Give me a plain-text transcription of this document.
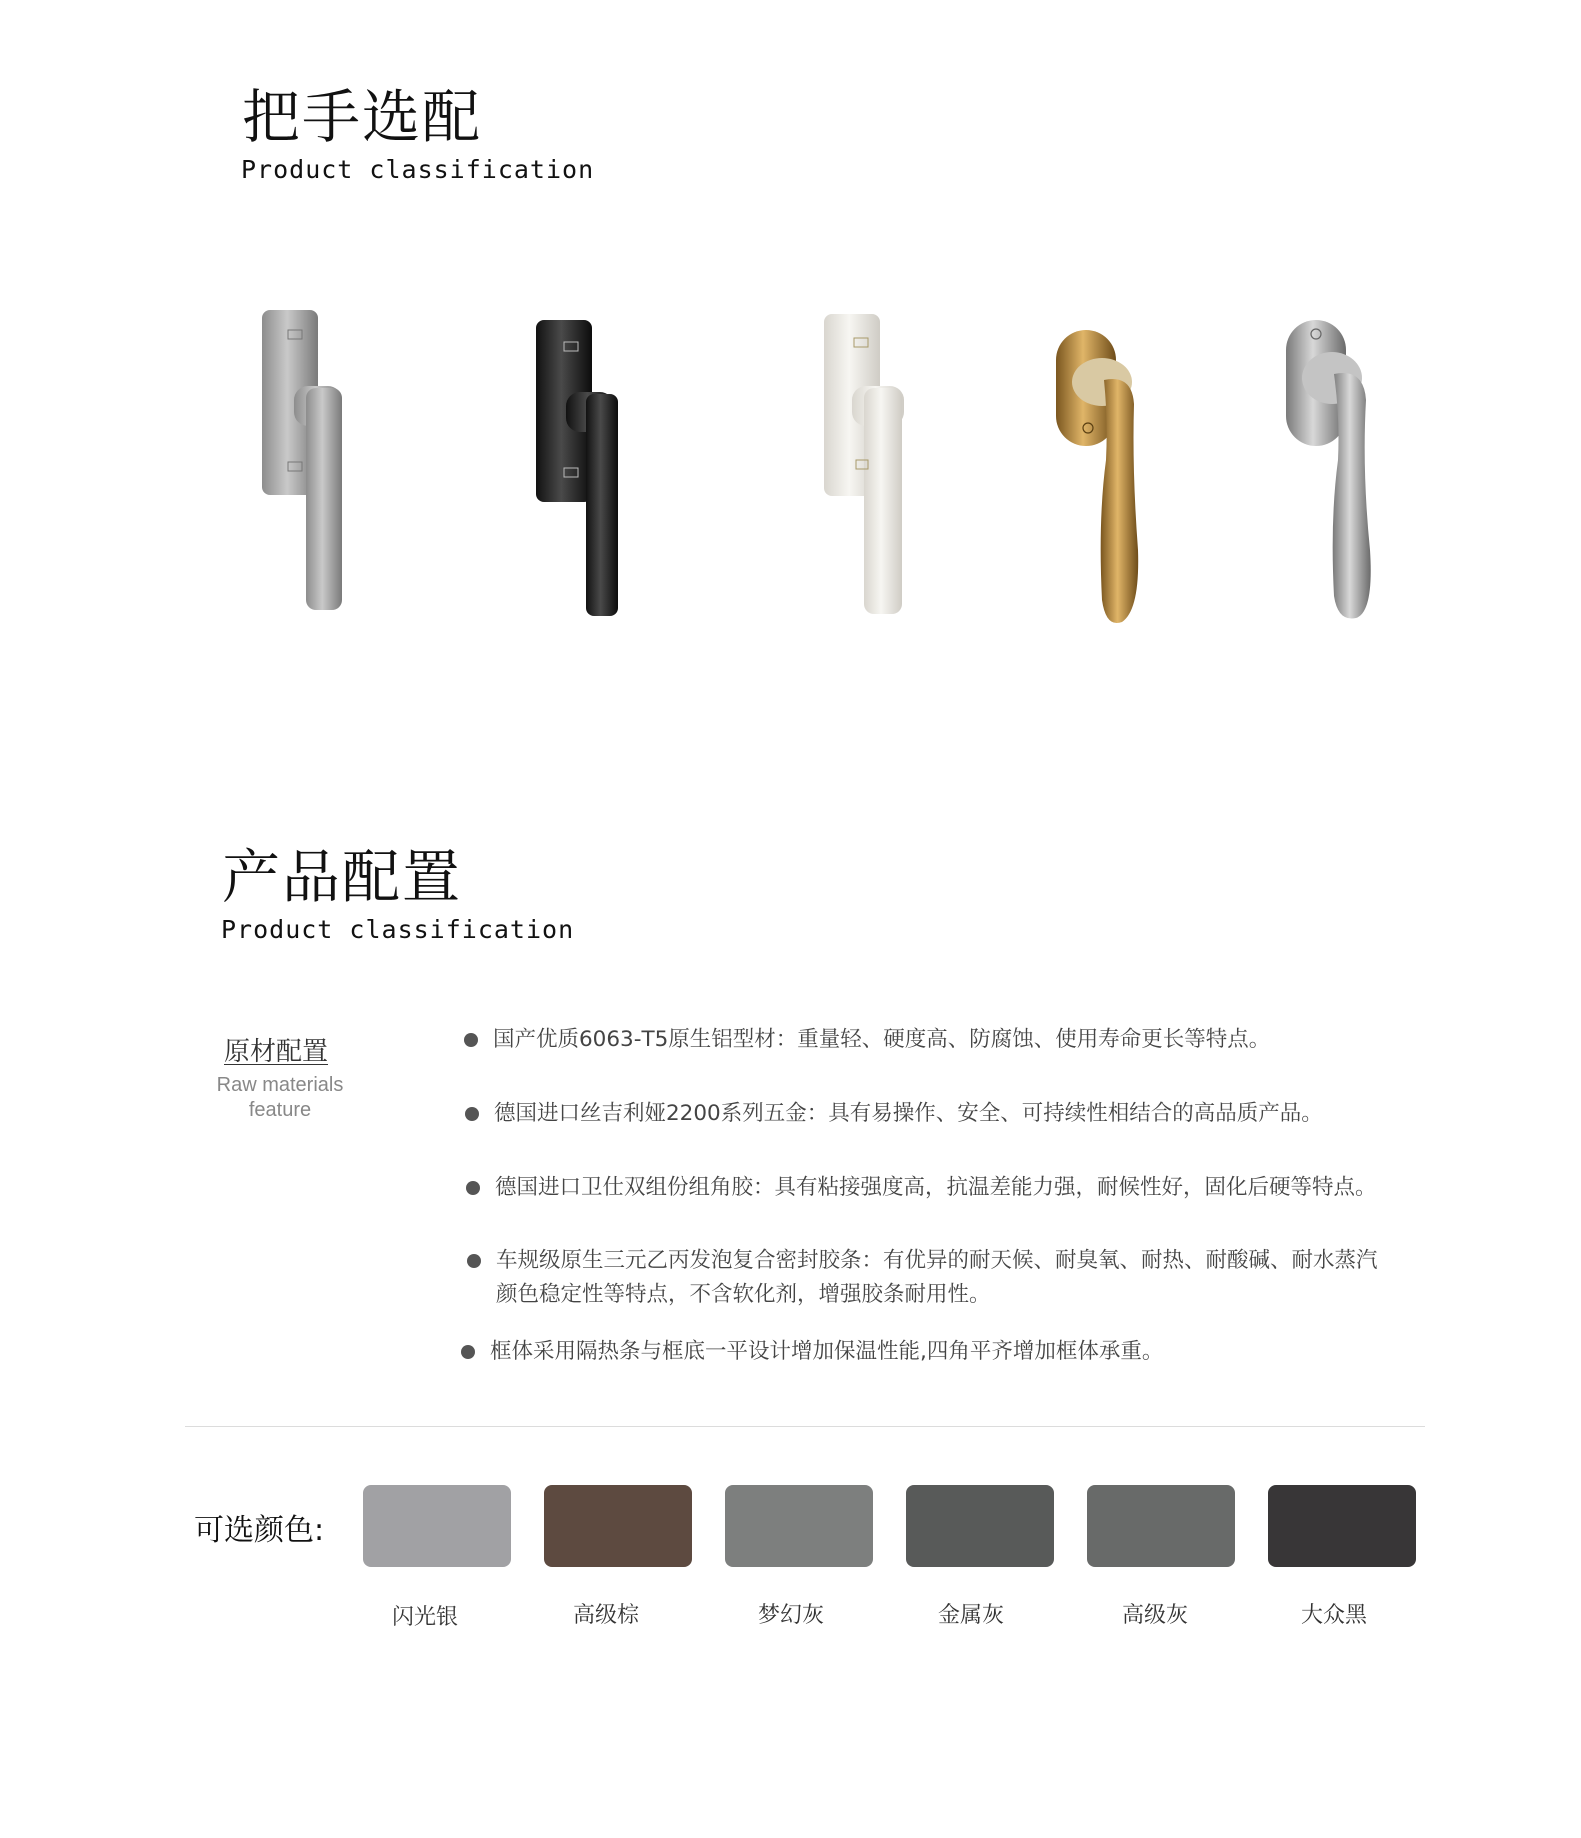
把手选配
Product classification
产品配置
Product classification
原材配置
Raw materials
feature
国产优质6063-T5原生铝型材：重量轻、硬度高、防腐蚀、使用寿命更长等特点。
德国进口丝吉利娅2200系列五金：具有易操作、安全、可持续性相结合的高品质产品。
德国进口卫仕双组份组角胶：具有粘接强度高，抗温差能力强，耐候性好，固化后硬等特点。
车规级原生三元乙丙发泡复合密封胶条：有优异的耐天候、耐臭氧、耐热、耐酸碱、耐水蒸汽
颜色稳定性等特点，不含软化剂，增强胶条耐用性。
框体采用隔热条与框底一平设计增加保温性能,四角平齐增加框体承重。
可选颜色:
闪光银	高级棕	梦幻灰	金属灰	高级灰	大众黑
